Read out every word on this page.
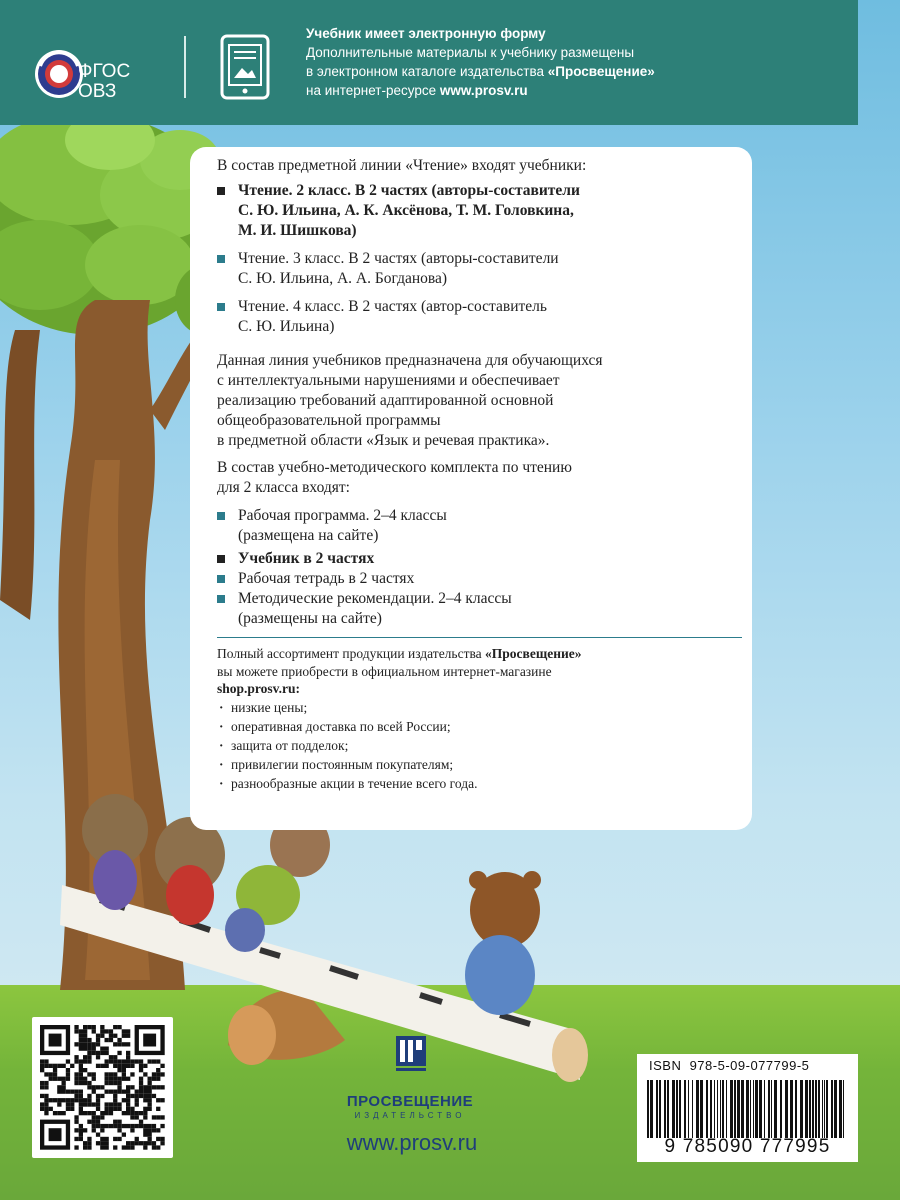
ФГОС
ОВЗ
Учебник имеет электронную форму
Дополнительные материалы к учебнику размещены
в электронном каталоге издательства «Просвещение»
на интернет-ресурсе www.prosv.ru
В состав предметной линии «Чтение» входят учебники:
Чтение. 2 класс. В 2 частях (авторы-составители
С. Ю. Ильина, А. К. Аксёнова, Т. М. Головкина,
М. И. Шишкова)
Чтение. 3 класс. В 2 частях (авторы-составители
С. Ю. Ильина, А. А. Богданова)
Чтение. 4 класс. В 2 частях (автор-составитель
С. Ю. Ильина)
Данная линия учебников предназначена для обучающихся
с интеллектуальными нарушениями и обеспечивает
реализацию требований адаптированной основной
общеобразовательной программы
в предметной области «Язык и речевая практика».
В состав учебно-методического комплекта по чтению
для 2 класса входят:
Рабочая программа. 2–4 классы
(размещена на сайте)
Учебник в 2 частях
Рабочая тетрадь в 2 частях
Методические рекомендации. 2–4 классы
(размещены на сайте)
Полный ассортимент продукции издательства «Просвещение»
вы можете приобрести в официальном интернет-магазине
shop.prosv.ru:
· низкие цены;
· оперативная доставка по всей России;
· защита от подделок;
· привилегии постоянным покупателям;
· разнообразные акции в течение всего года.
ПРОСВЕЩЕНИЕ
ИЗДАТЕЛЬСТВО
www.prosv.ru
ISBN 978-5-09-077799-5
9 785090 777995
